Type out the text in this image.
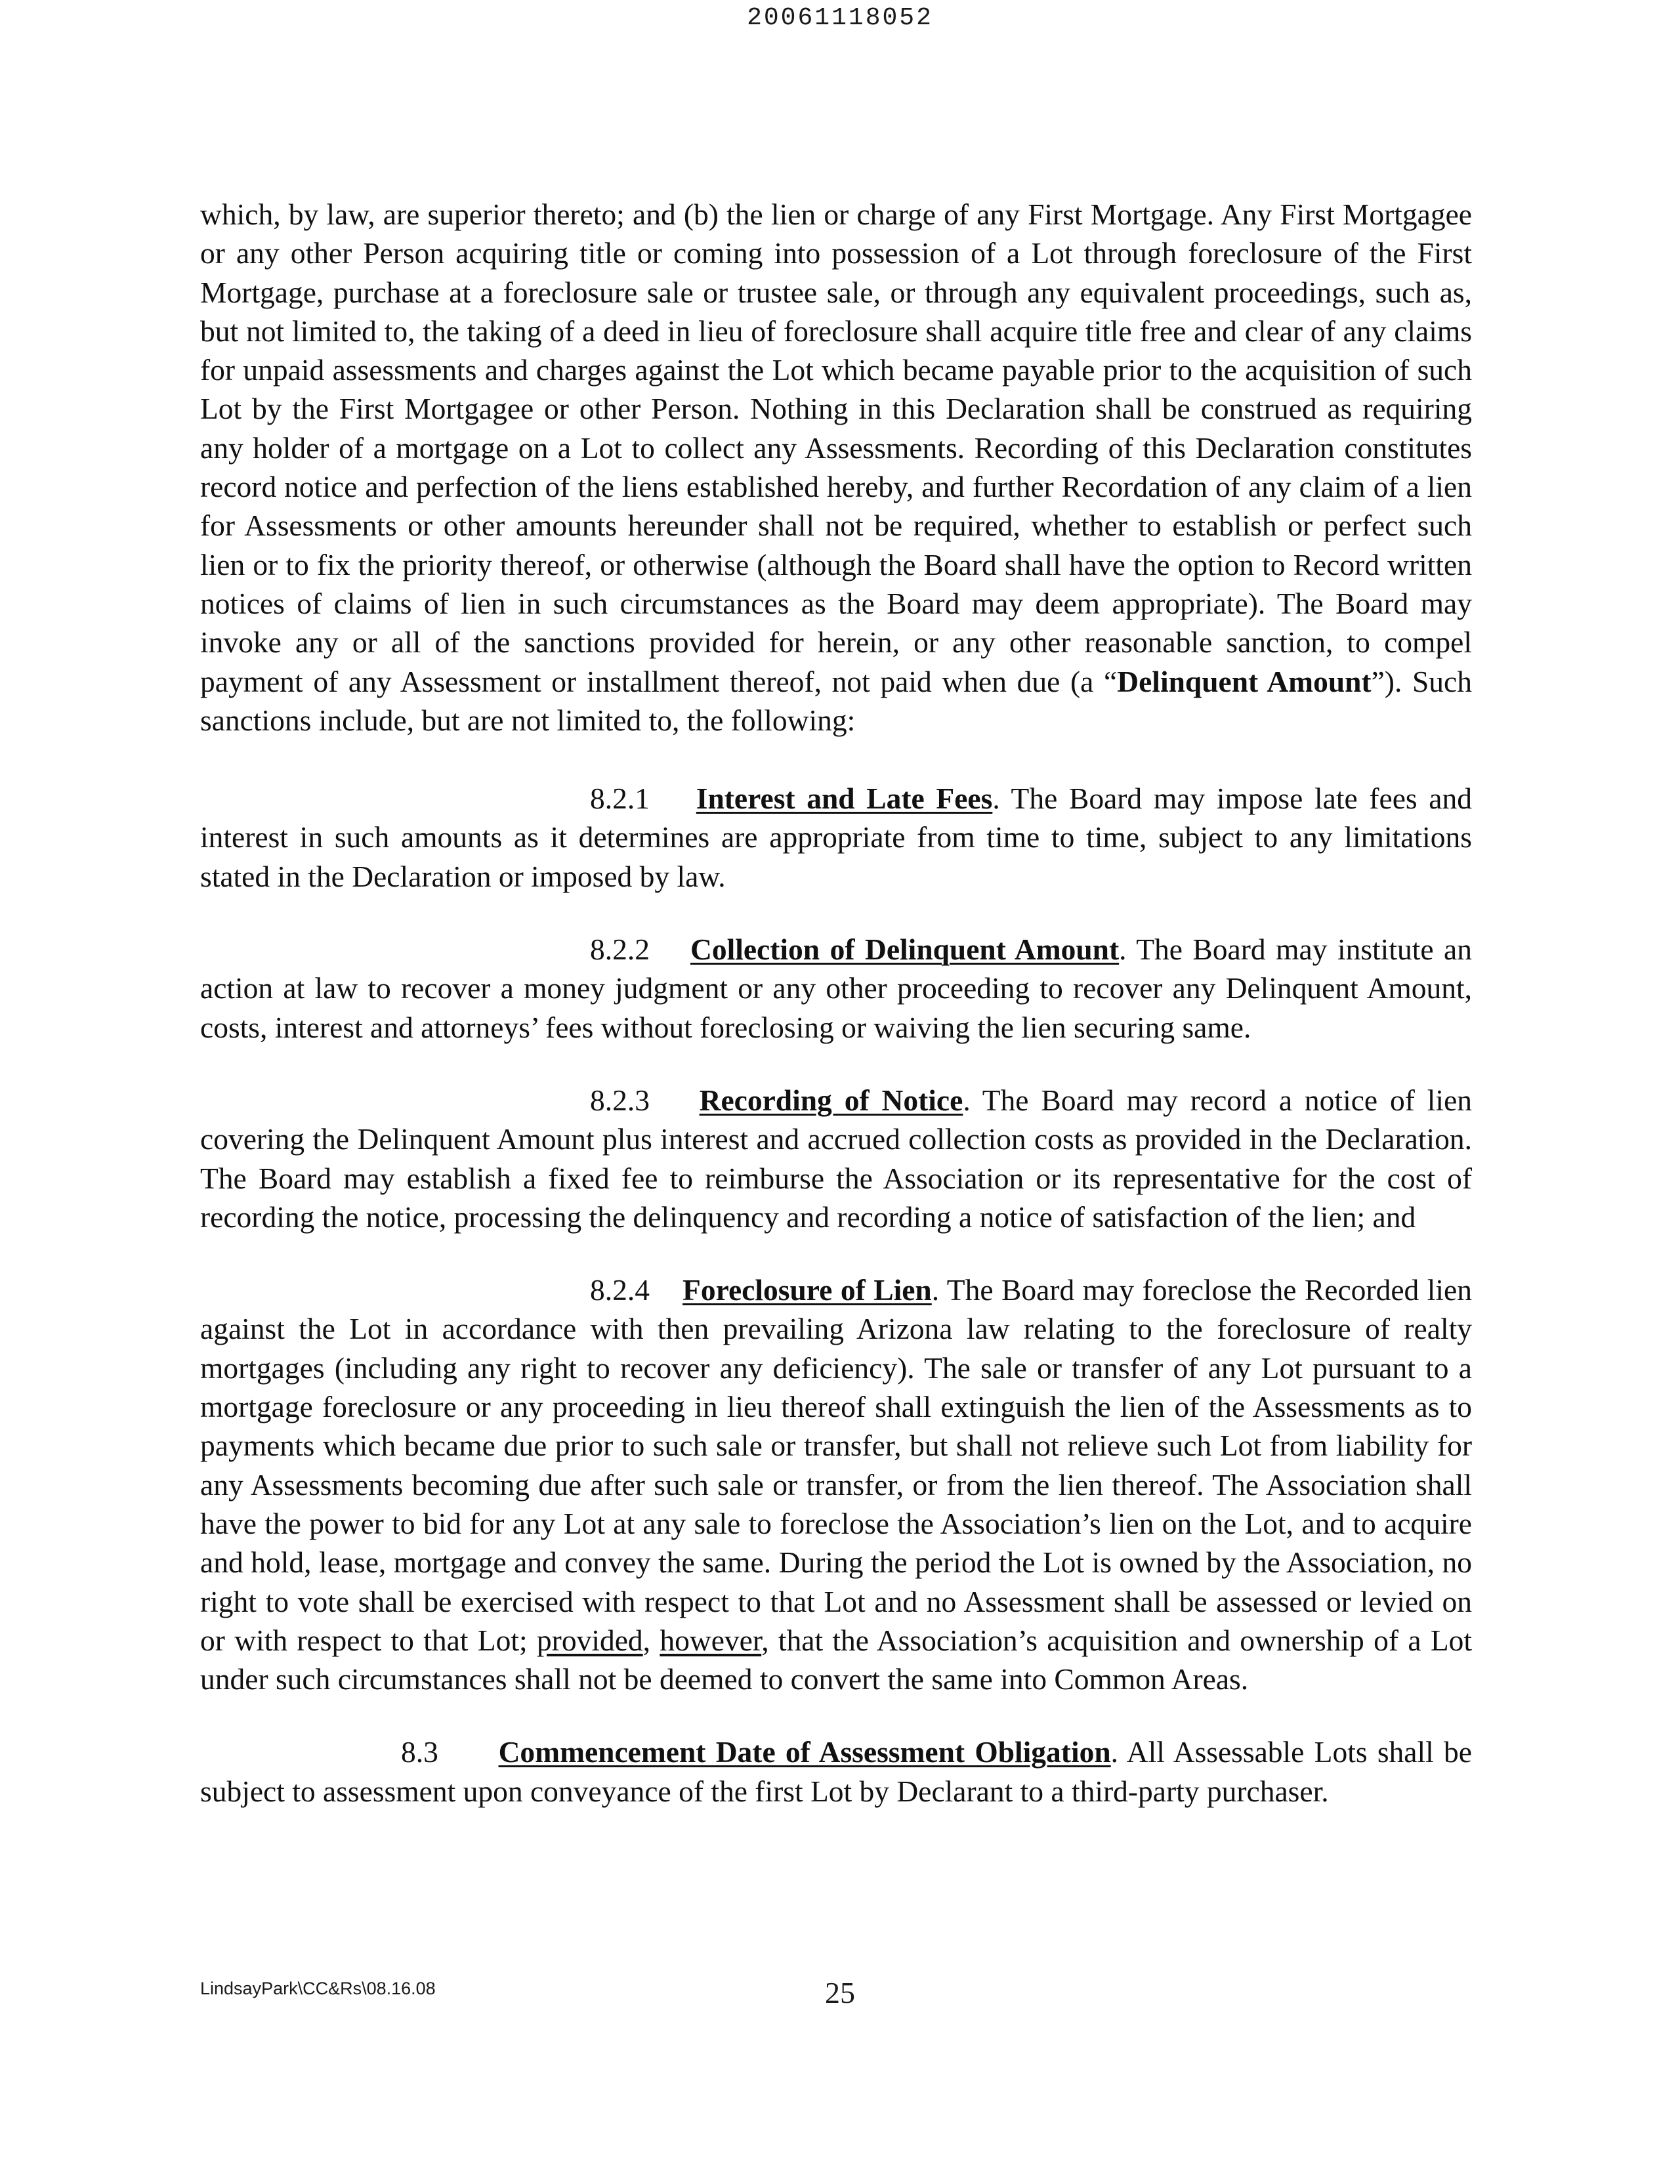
20061118052

which, by law, are superior thereto; and (b) the lien or charge of any First Mortgage. Any First Mortgagee or any other Person acquiring title or coming into possession of a Lot through foreclosure of the First Mortgage, purchase at a foreclosure sale or trustee sale, or through any equivalent proceedings, such as, but not limited to, the taking of a deed in lieu of foreclosure shall acquire title free and clear of any claims for unpaid assessments and charges against the Lot which became payable prior to the acquisition of such Lot by the First Mortgagee or other Person. Nothing in this Declaration shall be construed as requiring any holder of a mortgage on a Lot to collect any Assessments. Recording of this Declaration constitutes record notice and perfection of the liens established hereby, and further Recordation of any claim of a lien for Assessments or other amounts hereunder shall not be required, whether to establish or perfect such lien or to fix the priority thereof, or otherwise (although the Board shall have the option to Record written notices of claims of lien in such circumstances as the Board may deem appropriate). The Board may invoke any or all of the sanctions provided for herein, or any other reasonable sanction, to compel payment of any Assessment or installment thereof, not paid when due (a “Delinquent Amount”). Such sanctions include, but are not limited to, the following:

8.2.1 Interest and Late Fees. The Board may impose late fees and interest in such amounts as it determines are appropriate from time to time, subject to any limitations stated in the Declaration or imposed by law.

8.2.2 Collection of Delinquent Amount. The Board may institute an action at law to recover a money judgment or any other proceeding to recover any Delinquent Amount, costs, interest and attorneys’ fees without foreclosing or waiving the lien securing same.

8.2.3 Recording of Notice. The Board may record a notice of lien covering the Delinquent Amount plus interest and accrued collection costs as provided in the Declaration. The Board may establish a fixed fee to reimburse the Association or its representative for the cost of recording the notice, processing the delinquency and recording a notice of satisfaction of the lien; and

8.2.4 Foreclosure of Lien. The Board may foreclose the Recorded lien against the Lot in accordance with then prevailing Arizona law relating to the foreclosure of realty mortgages (including any right to recover any deficiency). The sale or transfer of any Lot pursuant to a mortgage foreclosure or any proceeding in lieu thereof shall extinguish the lien of the Assessments as to payments which became due prior to such sale or transfer, but shall not relieve such Lot from liability for any Assessments becoming due after such sale or transfer, or from the lien thereof. The Association shall have the power to bid for any Lot at any sale to foreclose the Association’s lien on the Lot, and to acquire and hold, lease, mortgage and convey the same. During the period the Lot is owned by the Association, no right to vote shall be exercised with respect to that Lot and no Assessment shall be assessed or levied on or with respect to that Lot; provided, however, that the Association’s acquisition and ownership of a Lot under such circumstances shall not be deemed to convert the same into Common Areas.

8.3 Commencement Date of Assessment Obligation. All Assessable Lots shall be subject to assessment upon conveyance of the first Lot by Declarant to a third-party purchaser.

LindsayPark\CC&Rs\08.16.08	25
